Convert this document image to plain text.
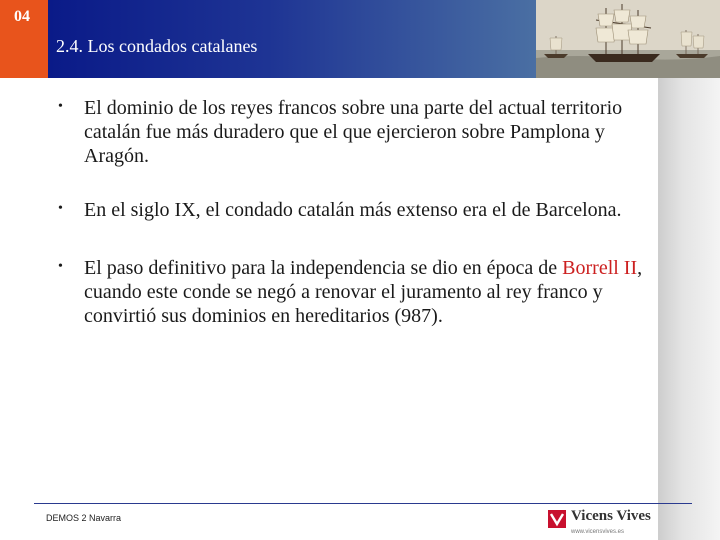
04
2.4. Los condados catalanes
• El dominio de los reyes francos sobre una parte del actual territorio catalán fue más duradero que el que ejercieron sobre Pamplona y Aragón.
• En el siglo IX, el condado catalán más extenso era el de Barcelona.
• El paso definitivo para la independencia se dio en época de Borrell II, cuando este conde se negó a renovar el juramento al rey franco y convirtió sus dominios en hereditarios (987).
DEMOS 2 Navarra	Vicens Vives
www.vicensvives.es
